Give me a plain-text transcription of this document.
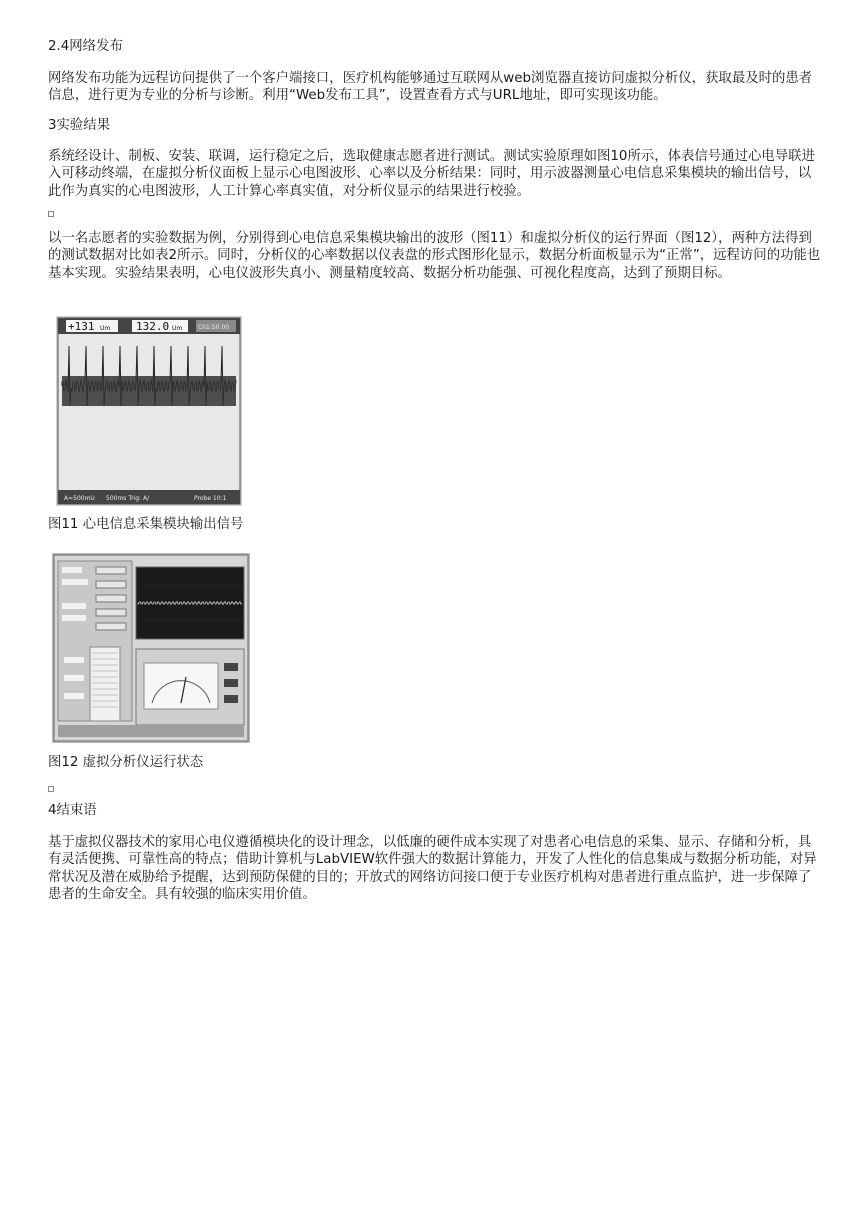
2.4网络发布

网络发布功能为远程访问提供了一个客户端接口，医疗机构能够通过互联网从web浏览器直接访问虚拟分析仪，获取最及时的患者信息，进行更为专业的分析与诊断。利用“Web发布工具”，设置查看方式与URL地址，即可实现该功能。

3实验结果

系统经设计、制板、安装、联调，运行稳定之后，选取健康志愿者进行测试。测试实验原理如图10所示，体表信号通过心电导联进入可移动终端，在虚拟分析仪面板上显示心电图波形、心率以及分析结果：同时，用示波器测量心电信息采集模块的输出信号，以此作为真实的心电图波形，人工计算心率真实值，对分析仪显示的结果进行校验。

以一名志愿者的实验数据为例，分别得到心电信息采集模块输出的波形（图11）和虚拟分析仪的运行界面（图12），两种方法得到的测试数据对比如表2所示。同时，分析仪的心率数据以仪表盘的形式图形化显示，数据分析面板显示为“正常”，远程访问的功能也基本实现。实验结果表明，心电仪波形失真小、测量精度较高、数据分析功能强、可视化程度高，达到了预期目标。

+131 Um 132.0 Um	Ch1:50.00
A=500mU 500ms Trig: A/	Probe 10:1

图11 心电信息采集模块输出信号

图12 虚拟分析仪运行状态

4结束语

基于虚拟仪器技术的家用心电仪遵循模块化的设计理念，以低廉的硬件成本实现了对患者心电信息的采集、显示、存储和分析，具有灵活便携、可靠性高的特点；借助计算机与LabVIEW软件强大的数据计算能力，开发了人性化的信息集成与数据分析功能，对异常状况及潜在威胁给予提醒，达到预防保健的目的；开放式的网络访问接口便于专业医疗机构对患者进行重点监护，进一步保障了患者的生命安全。具有较强的临床实用价值。
